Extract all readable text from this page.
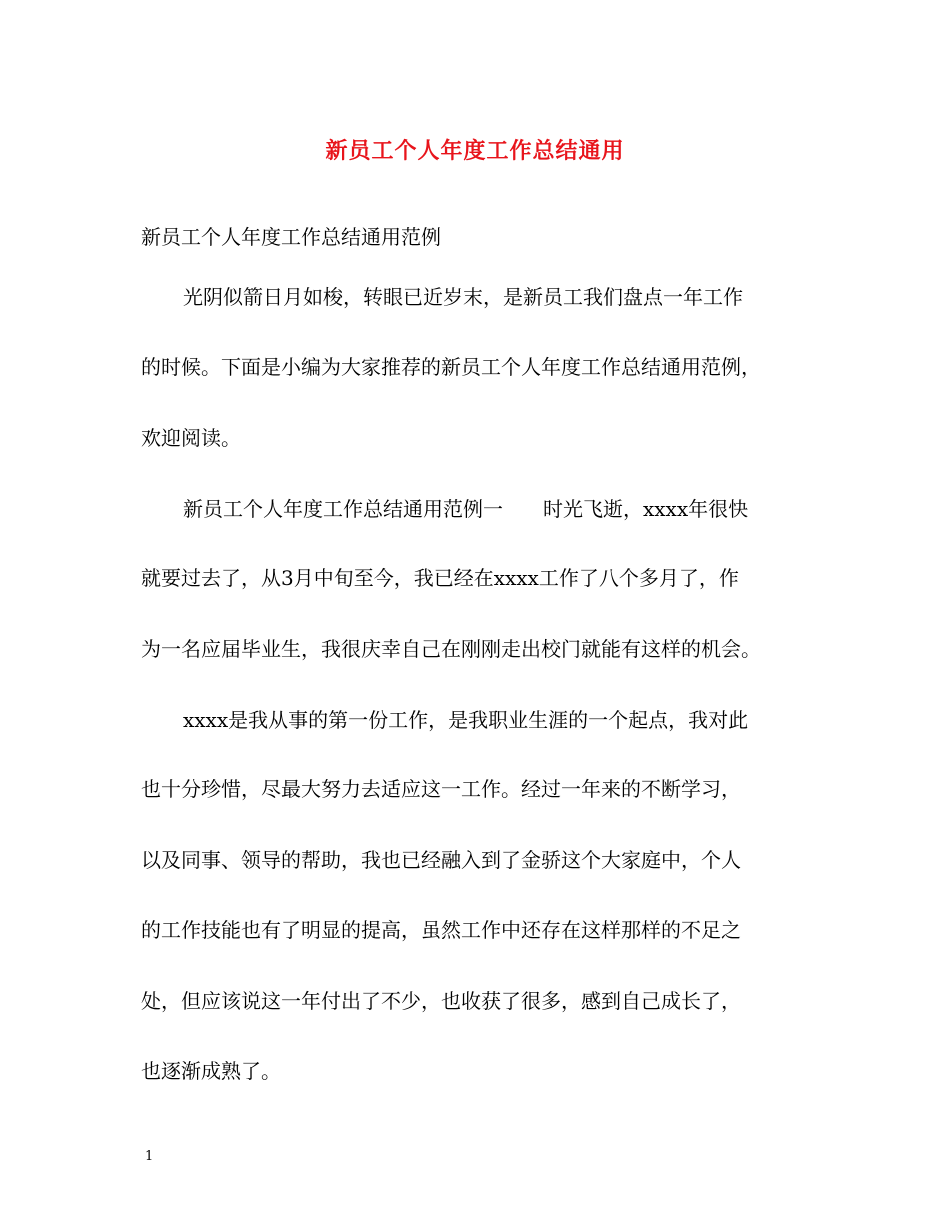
新员工个人年度工作总结通用
新员工个人年度工作总结通用范例
光阴似箭日月如梭，转眼已近岁末，是新员工我们盘点一年工作
的时候。下面是小编为大家推荐的新员工个人年度工作总结通用范例，
欢迎阅读。
新员工个人年度工作总结通用范例一 时光飞逝，xxxx年很快
就要过去了，从3月中旬至今，我已经在xxxx工作了八个多月了，作
为一名应届毕业生，我很庆幸自己在刚刚走出校门就能有这样的机会。
xxxx是我从事的第一份工作，是我职业生涯的一个起点，我对此
也十分珍惜，尽最大努力去适应这一工作。经过一年来的不断学习，
以及同事、领导的帮助，我也已经融入到了金骄这个大家庭中，个人
的工作技能也有了明显的提高，虽然工作中还存在这样那样的不足之
处，但应该说这一年付出了不少，也收获了很多，感到自己成长了，
也逐渐成熟了。
1
